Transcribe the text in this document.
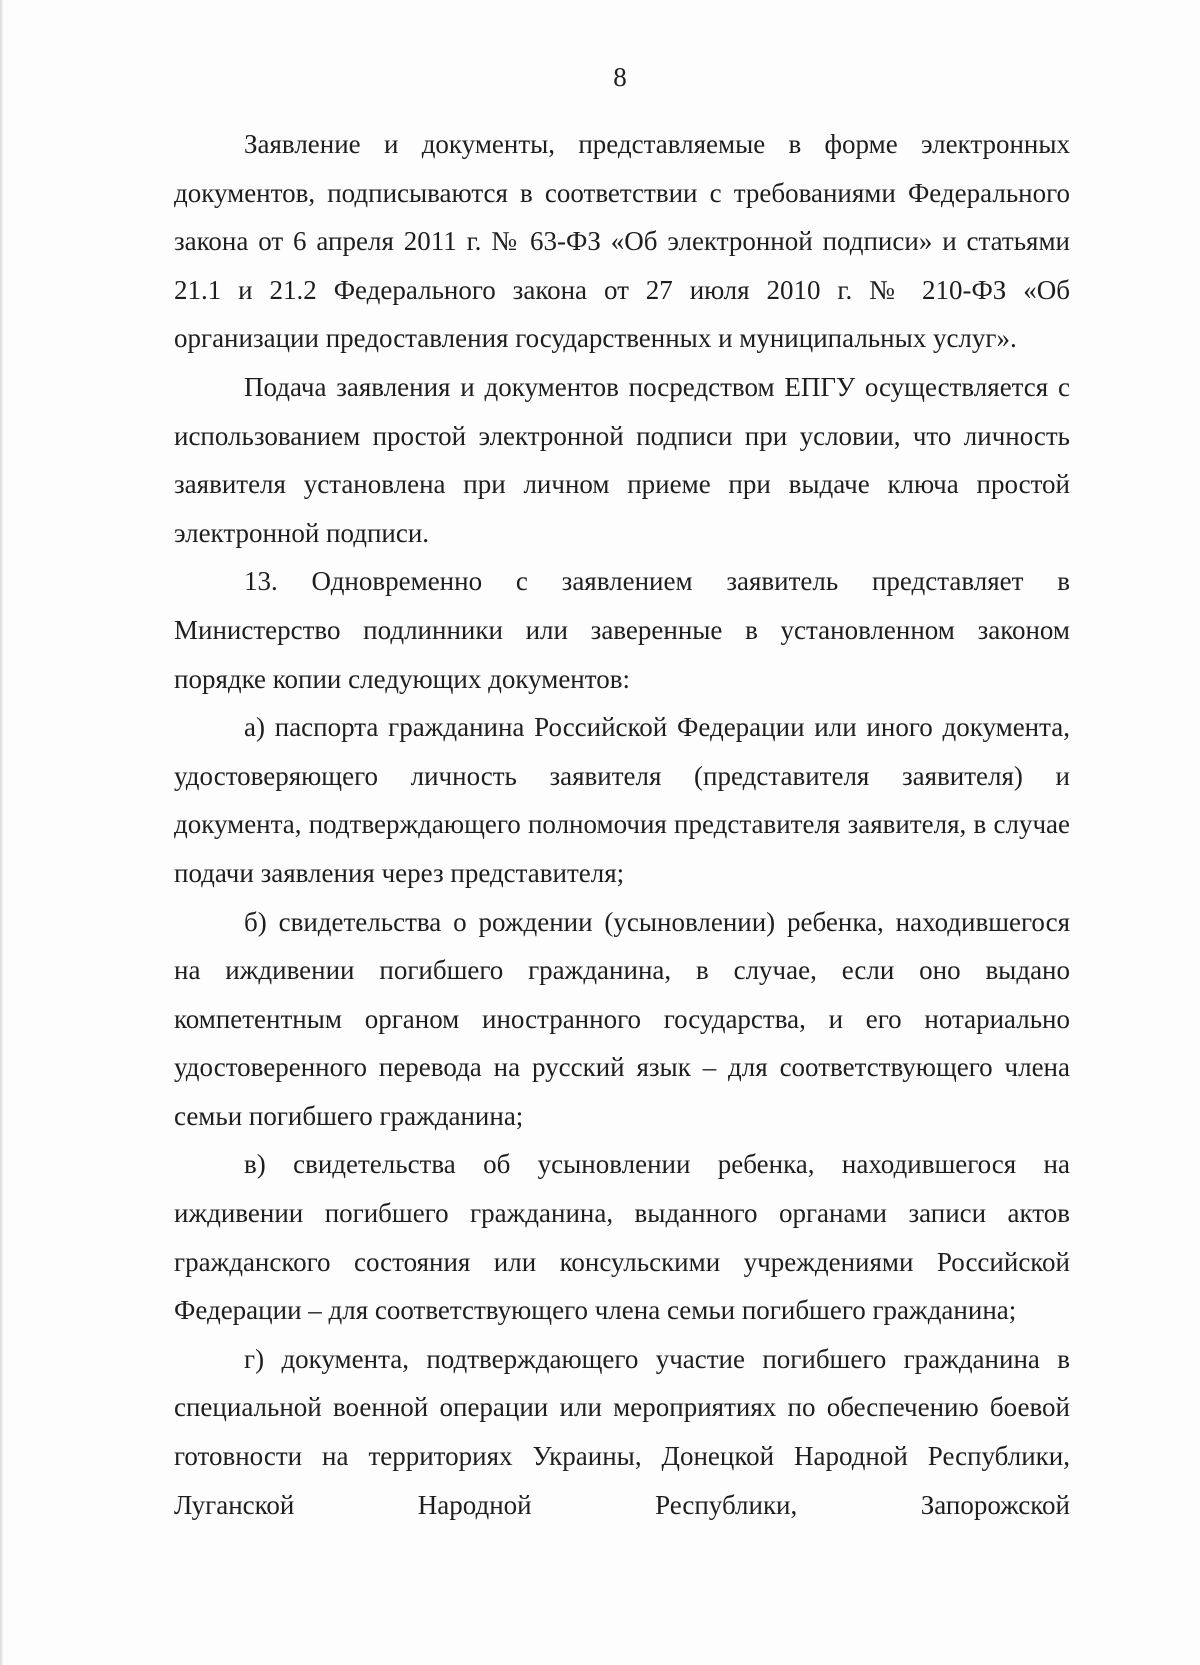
8

Заявление и документы, представляемые в форме электронных документов, подписываются в соответствии с требованиями Федерального закона от 6 апреля 2011 г. № 63-ФЗ «Об электронной подписи» и статьями 21.1 и 21.2 Федерального закона от 27 июля 2010 г. № 210-ФЗ «Об организации предоставления государственных и муниципальных услуг».

Подача заявления и документов посредством ЕПГУ осуществляется с использованием простой электронной подписи при условии, что личность заявителя установлена при личном приеме при выдаче ключа простой электронной подписи.

13. Одновременно с заявлением заявитель представляет в Министерство подлинники или заверенные в установленном законом порядке копии следующих документов:

а) паспорта гражданина Российской Федерации или иного документа, удостоверяющего личность заявителя (представителя заявителя) и документа, подтверждающего полномочия представителя заявителя, в случае подачи заявления через представителя;

б) свидетельства о рождении (усыновлении) ребенка, находившегося на иждивении погибшего гражданина, в случае, если оно выдано компетентным органом иностранного государства, и его нотариально удостоверенного перевода на русский язык – для соответствующего члена семьи погибшего гражданина;

в) свидетельства об усыновлении ребенка, находившегося на иждивении погибшего гражданина, выданного органами записи актов гражданского состояния или консульскими учреждениями Российской Федерации – для соответствующего члена семьи погибшего гражданина;

г) документа, подтверждающего участие погибшего гражданина в специальной военной операции или мероприятиях по обеспечению боевой готовности на территориях Украины, Донецкой Народной Республики, Луганской Народной Республики, Запорожской
